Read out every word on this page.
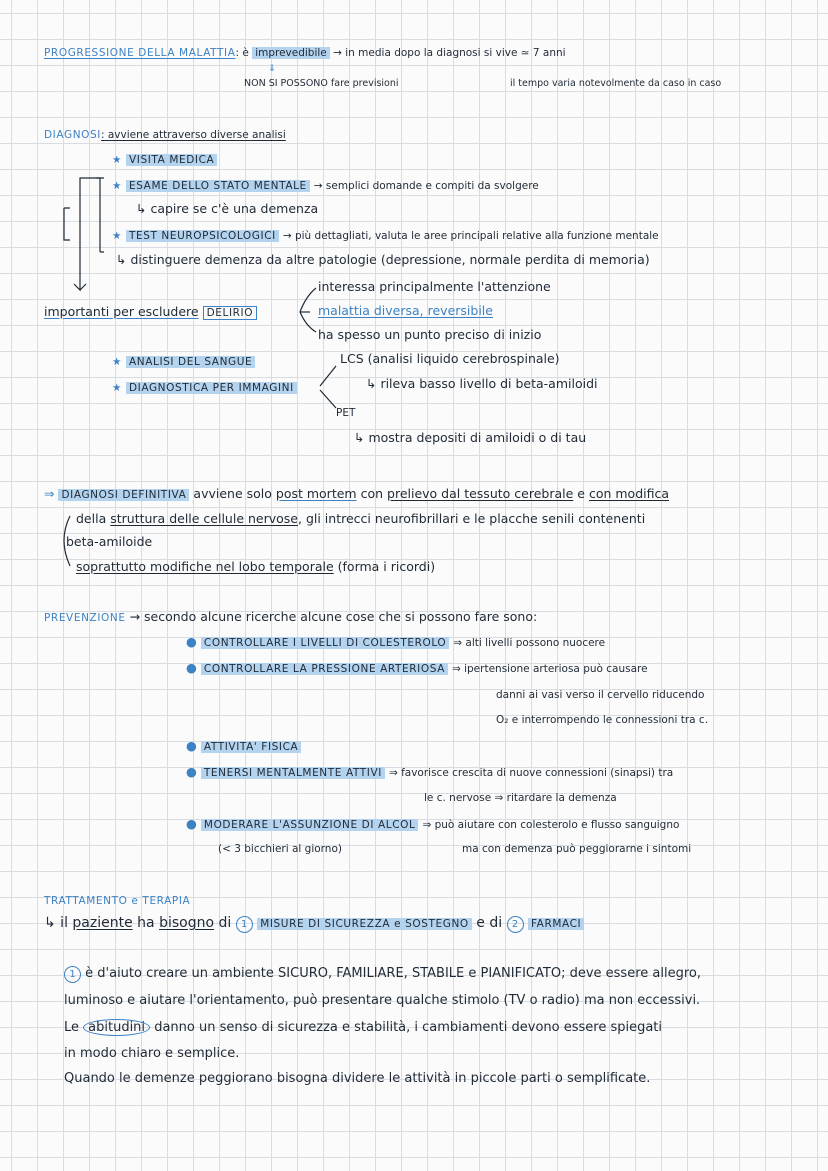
PROGRESSIONE DELLA MALATTIA: è imprevedibile → in media dopo la diagnosi si vive ≃ 7 anni
⇓
NON SI POSSONO fare previsioni	il tempo varia notevolmente da caso in caso
DIAGNOSI: avviene attraverso diverse analisi
★ VISITA MEDICA
★ ESAME DELLO STATO MENTALE → semplici domande e compiti da svolgere
↳ capire se c'è una demenza
★ TEST NEUROPSICOLOGICI → più dettagliati, valuta le aree principali relative alla funzione mentale
↳ distinguere demenza da altre patologie (depressione, normale perdita di memoria)
interessa principalmente l'attenzione
importanti per escludere DELIRIO	malattia diversa, reversibile
ha spesso un punto preciso di inizio
★ ANALISI DEL SANGUE	LCS (analisi liquido cerebrospinale)
★ DIAGNOSTICA PER IMMAGINI	↳ rileva basso livello di beta-amiloidi
PET
↳ mostra depositi di amiloidi o di tau
⇒ DIAGNOSI DEFINITIVA avviene solo post mortem con prelievo dal tessuto cerebrale e con modifica
della struttura delle cellule nervose, gli intrecci neurofibrillari e le placche senili contenenti
beta-amiloide
soprattutto modifiche nel lobo temporale (forma i ricordi)
PREVENZIONE → secondo alcune ricerche alcune cose che si possono fare sono:
● CONTROLLARE I LIVELLI DI COLESTEROLO ⇒ alti livelli possono nuocere
● CONTROLLARE LA PRESSIONE ARTERIOSA ⇒ ipertensione arteriosa può causare
danni ai vasi verso il cervello riducendo
O₂ e interrompendo le connessioni tra c.
● ATTIVITA' FISICA
● TENERSI MENTALMENTE ATTIVI ⇒ favorisce crescita di nuove connessioni (sinapsi) tra
le c. nervose ⇒ ritardare la demenza
● MODERARE L'ASSUNZIONE DI ALCOL ⇒ può aiutare con colesterolo e flusso sanguigno
(< 3 bicchieri al giorno)	ma con demenza può peggiorarne i sintomi
TRATTAMENTO e TERAPIA
↳ il paziente ha bisogno di 1 MISURE DI SICUREZZA e SOSTEGNO e di 2 FARMACI
1 è d'aiuto creare un ambiente SICURO, FAMILIARE, STABILE e PIANIFICATO; deve essere allegro,
luminoso e aiutare l'orientamento, può presentare qualche stimolo (TV o radio) ma non eccessivi.
Le abitudini danno un senso di sicurezza e stabilità, i cambiamenti devono essere spiegati
in modo chiaro e semplice.
Quando le demenze peggiorano bisogna dividere le attività in piccole parti o semplificate.
